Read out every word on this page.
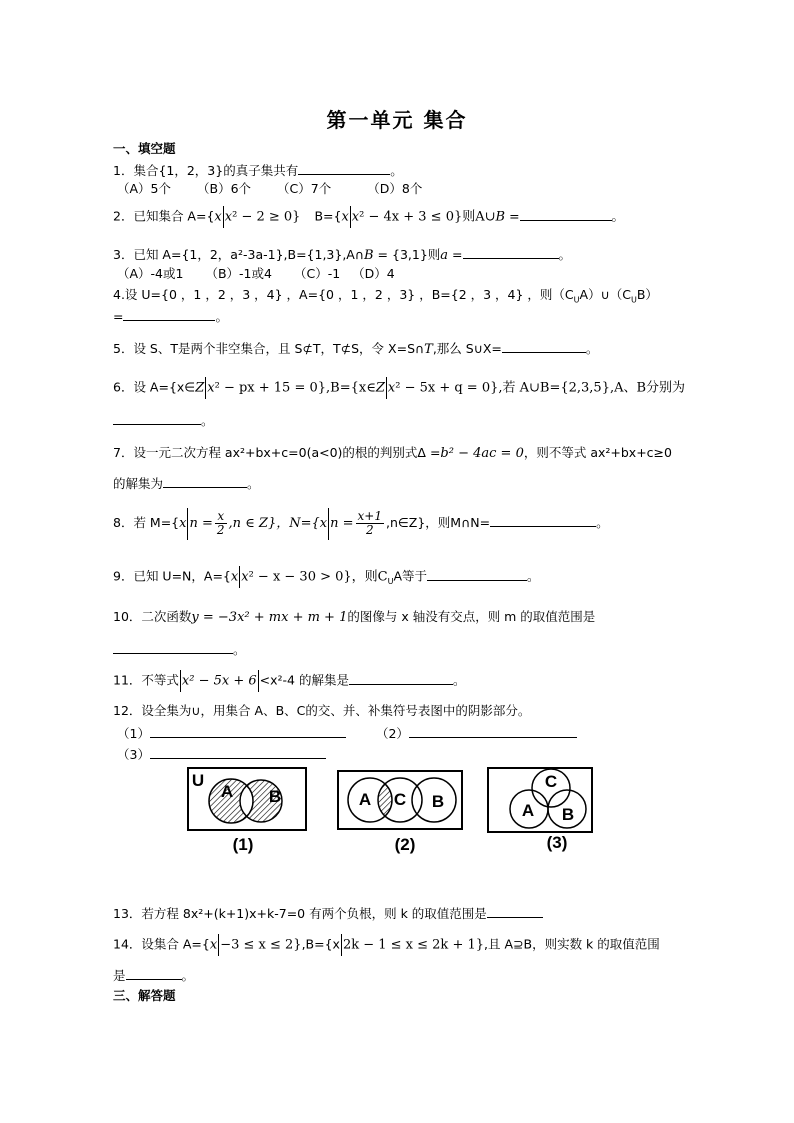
第一单元 集合
一、填空题
1．集合{1，2，3}的真子集共有	。
（A）5个 （B）6个 （C）7个	（D）8个
2．已知集合 A={x x² − 2 ≥ 0} B={x x² − 4x + 3 ≤ 0}则A∪B =	。
3．已知 A={1，2，a²-3a-1},B={1,3},A∩B = {3,1}则a =	。
（A）-4或1 （B）-1或4 （C）-1 （D）4
4.设 U={0 ，1 ，2 ，3 ，4} ，A={0 ，1 ，2 ，3} ，B={2 ，3 ，4} ，则$(C_UA)\cup(C_UB)$
=	。
5．设 S、T是两个非空集合，且 S⊄T，T⊄S，令 X=S∩T,那么 S∪X=	。
6．设 A={x∈Z x² − px + 15 = 0},B={x∈Z x² − 5x + q = 0},若 A∪B={2,3,5},A、B分别为
。
7．设一元二次方程 ax²+bx+c=0(a<0)的根的判别式Δ =b² − 4ac = 0，则不等式 ax²+bx+c≥0
的解集为	。
8．若 M={x $n = \frac{x}{2} ,n$ ∈ Z}，N={x $n = \frac{x+1}{2}$ ,n∈Z}，则M∩N=	。
9．已知 U=N，A={x x² − x − 30 > 0}，则$C_UA$等于	。
10．二次函数y = −3x² + mx + m + 1的图像与 x 轴没有交点，则 m 的取值范围是
。
11．不等式 x² − 5x + 6 <x²-4 的解集是	。
12．设全集为∪，用集合 A、B、C的交、并、补集符号表图中的阴影部分。
（1）	（2）
（3）
U
A	B
(1)
A	C	B
(2)
C
A	B
(3)
13．若方程 8x²+(k+1)x+k-7=0 有两个负根，则 k 的取值范围是
14．设集合 A={x −3 ≤ x ≤ 2},B={x 2k − 1 ≤ x ≤ 2k + 1},且 A⊇B，则实数 k 的取值范围
是	。
三、解答题
